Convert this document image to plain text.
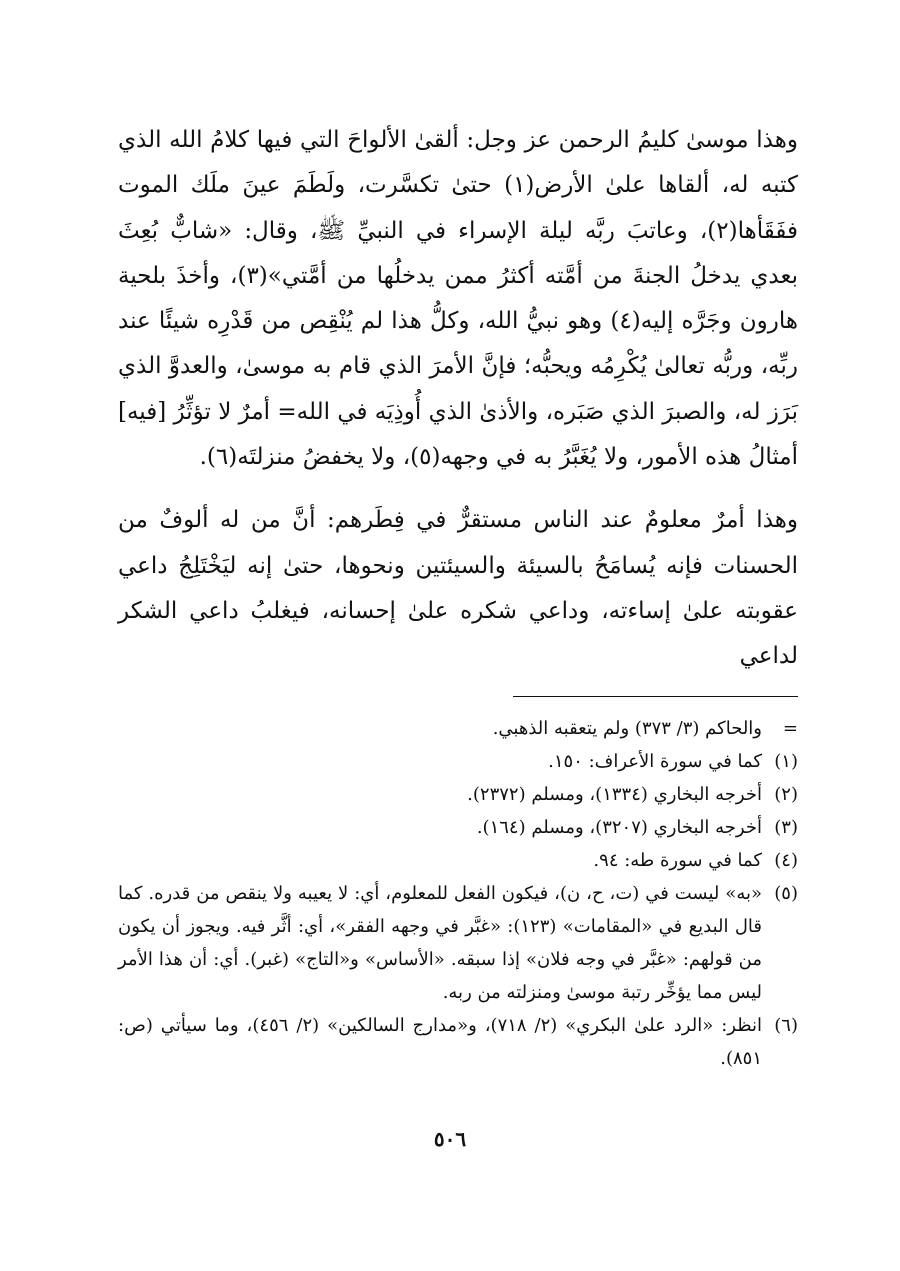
وهذا موسىٰ كليمُ الرحمن عز وجل: ألقىٰ الألواحَ التي فيها كلامُ الله الذي كتبه له، ألقاها علىٰ الأرض(١) حتىٰ تكسَّرت، ولَطَمَ عينَ ملَك الموت ففَقَأها(٢)، وعاتبَ ربَّه ليلة الإسراء في النبيِّ ﷺ، وقال: «شابٌّ بُعِثَ بعدي يدخلُ الجنةَ من أمَّته أكثرُ ممن يدخلُها من أمَّتي»(٣)، وأخذَ بلحية هارون وجَرَّه إليه(٤) وهو نبيُّ الله، وكلُّ هذا لم يُنْقِص من قَدْرِه شيئًا عند ربِّه، وربُّه تعالىٰ يُكْرِمُه ويحبُّه؛ فإنَّ الأمرَ الذي قام به موسىٰ، والعدوَّ الذي بَرَز له، والصبرَ الذي صَبَره، والأذىٰ الذي أُوذِيَه في الله= أمرٌ لا تؤثِّرُ [فيه] أمثالُ هذه الأمور، ولا يُغَبَّرُ به في وجهه(٥)، ولا يخفضُ منزلتَه(٦).

وهذا أمرٌ معلومٌ عند الناس مستقرٌّ في فِطَرهم: أنَّ من له ألوفٌ من الحسنات فإنه يُسامَحُ بالسيئة والسيئتين ونحوها، حتىٰ إنه ليَخْتَلِجُ داعي عقوبته علىٰ إساءته، وداعي شكره علىٰ إحسانه، فيغلبُ داعي الشكر لداعي

=
والحاكم (٣/ ٣٧٣) ولم يتعقبه الذهبي.
(١)
كما في سورة الأعراف: ١٥٠.
(٢)
أخرجه البخاري (١٣٣٤)، ومسلم (٢٣٧٢).
(٣)
أخرجه البخاري (٣٢٠٧)، ومسلم (١٦٤).
(٤)
كما في سورة طه: ٩٤.
(٥)
«به» ليست في (ت، ح، ن)، فيكون الفعل للمعلوم، أي: لا يعيبه ولا ينقص من قدره. كما قال البديع في «المقامات» (١٢٣): «غبَّر في وجهه الفقر»، أي: أثَّر فيه. ويجوز أن يكون من قولهم: «غبَّر في وجه فلان» إذا سبقه. «الأساس» و«التاج» (غبر). أي: أن هذا الأمر ليس مما يؤخِّر رتبة موسىٰ ومنزلته من ربه.
(٦)
انظر: «الرد علىٰ البكري» (٢/ ٧١٨)، و«مدارج السالكين» (٢/ ٤٥٦)، وما سيأتي (ص: ٨٥١).
٥٠٦
